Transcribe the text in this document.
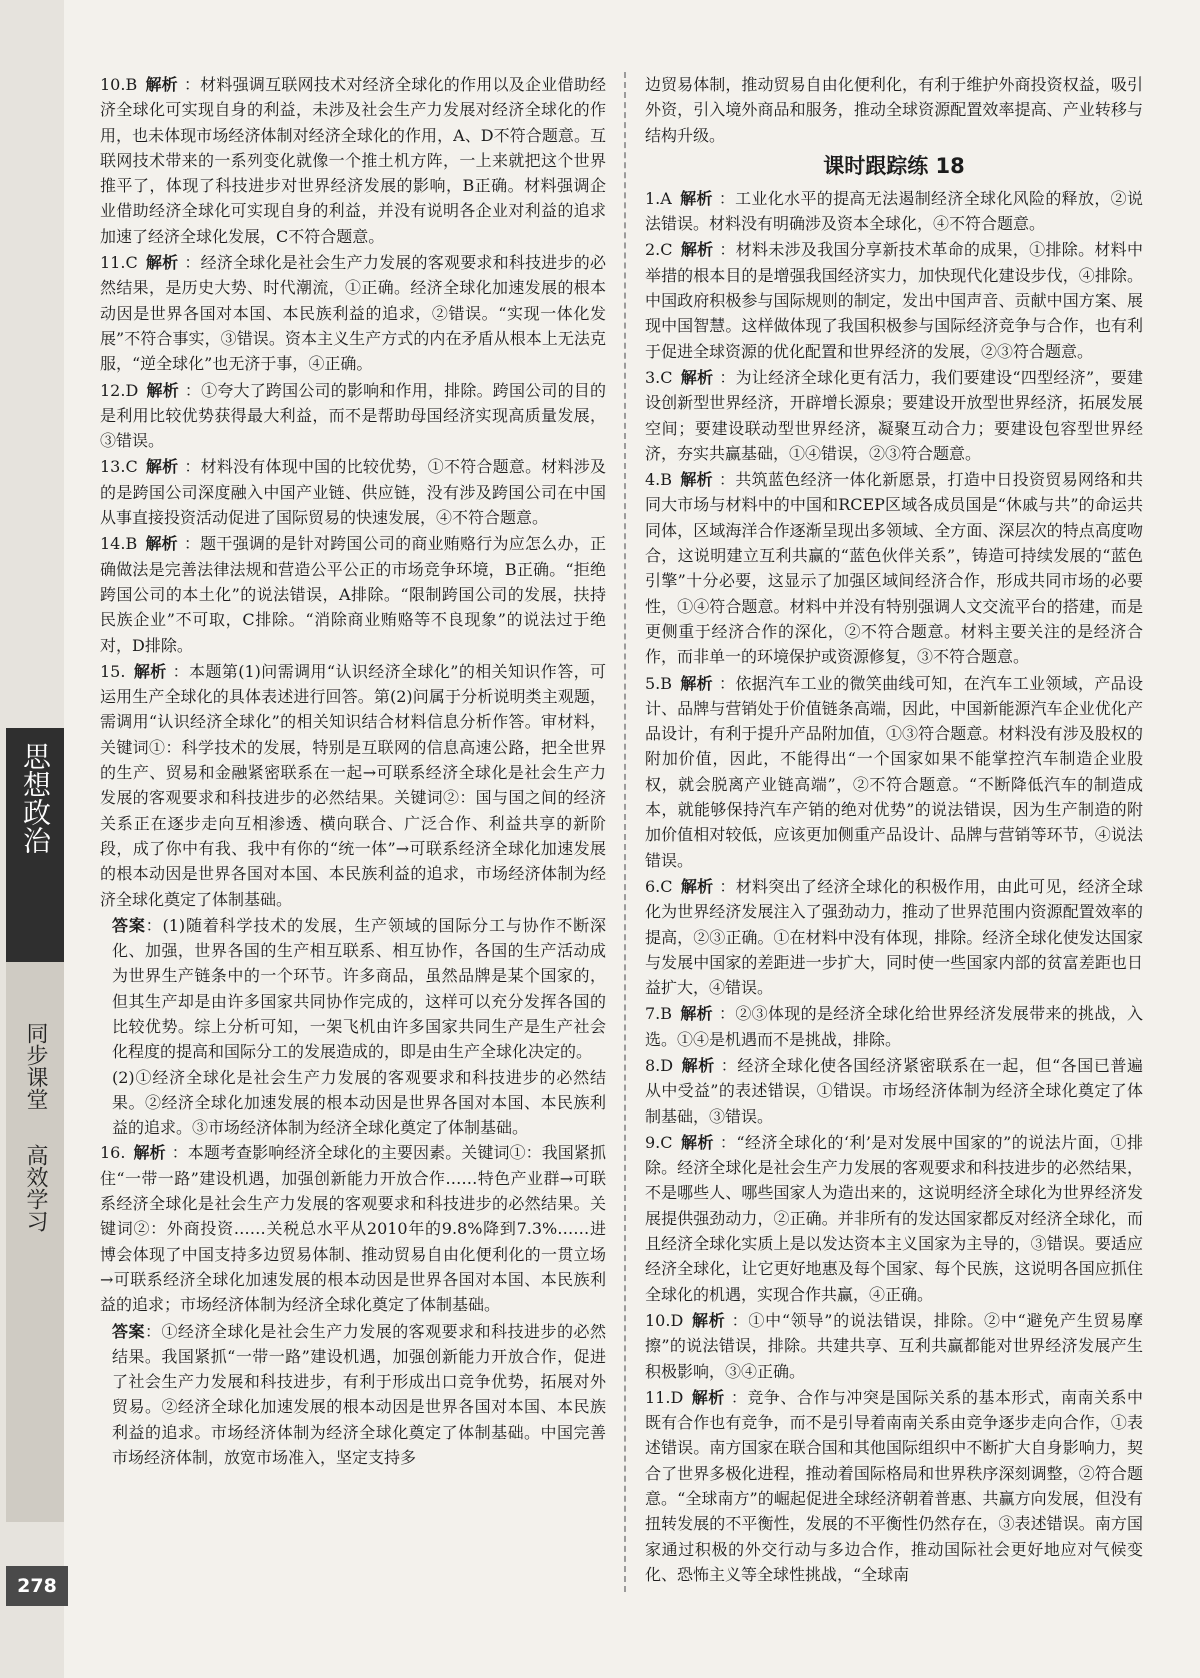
思想政治
同步课堂
高效学习
278
10.B 解析 ：材料强调互联网技术对经济全球化的作用以及企业借助经济全球化可实现自身的利益，未涉及社会生产力发展对经济全球化的作用，也未体现市场经济体制对经济全球化的作用，A、D不符合题意。互联网技术带来的一系列变化就像一个推土机方阵，一上来就把这个世界推平了，体现了科技进步对世界经济发展的影响，B正确。材料强调企业借助经济全球化可实现自身的利益，并没有说明各企业对利益的追求加速了经济全球化发展，C不符合题意。
11.C 解析 ：经济全球化是社会生产力发展的客观要求和科技进步的必然结果，是历史大势、时代潮流，①正确。经济全球化加速发展的根本动因是世界各国对本国、本民族利益的追求，②错误。“实现一体化发展”不符合事实，③错误。资本主义生产方式的内在矛盾从根本上无法克服，“逆全球化”也无济于事，④正确。
12.D 解析 ：①夸大了跨国公司的影响和作用，排除。跨国公司的目的是利用比较优势获得最大利益，而不是帮助母国经济实现高质量发展，③错误。
13.C 解析 ：材料没有体现中国的比较优势，①不符合题意。材料涉及的是跨国公司深度融入中国产业链、供应链，没有涉及跨国公司在中国从事直接投资活动促进了国际贸易的快速发展，④不符合题意。
14.B 解析 ：题干强调的是针对跨国公司的商业贿赂行为应怎么办，正确做法是完善法律法规和营造公平公正的市场竞争环境，B正确。“拒绝跨国公司的本土化”的说法错误，A排除。“限制跨国公司的发展，扶持民族企业”不可取，C排除。“消除商业贿赂等不良现象”的说法过于绝对，D排除。
15. 解析 ：本题第(1)问需调用“认识经济全球化”的相关知识作答，可运用生产全球化的具体表述进行回答。第(2)问属于分析说明类主观题，需调用“认识经济全球化”的相关知识结合材料信息分析作答。审材料，关键词①：科学技术的发展，特别是互联网的信息高速公路，把全世界的生产、贸易和金融紧密联系在一起→可联系经济全球化是社会生产力发展的客观要求和科技进步的必然结果。关键词②：国与国之间的经济关系正在逐步走向互相渗透、横向联合、广泛合作、利益共享的新阶段，成了你中有我、我中有你的“统一体”→可联系经济全球化加速发展的根本动因是世界各国对本国、本民族利益的追求，市场经济体制为经济全球化奠定了体制基础。
答案：(1)随着科学技术的发展，生产领域的国际分工与协作不断深化、加强，世界各国的生产相互联系、相互协作，各国的生产活动成为世界生产链条中的一个环节。许多商品，虽然品牌是某个国家的，但其生产却是由许多国家共同协作完成的，这样可以充分发挥各国的比较优势。综上分析可知，一架飞机由许多国家共同生产是生产社会化程度的提高和国际分工的发展造成的，即是由生产全球化决定的。
(2)①经济全球化是社会生产力发展的客观要求和科技进步的必然结果。②经济全球化加速发展的根本动因是世界各国对本国、本民族利益的追求。③市场经济体制为经济全球化奠定了体制基础。
16. 解析 ：本题考查影响经济全球化的主要因素。关键词①：我国紧抓住“一带一路”建设机遇，加强创新能力开放合作……特色产业群→可联系经济全球化是社会生产力发展的客观要求和科技进步的必然结果。关键词②：外商投资……关税总水平从2010年的9.8%降到7.3%……进博会体现了中国支持多边贸易体制、推动贸易自由化便利化的一贯立场→可联系经济全球化加速发展的根本动因是世界各国对本国、本民族利益的追求；市场经济体制为经济全球化奠定了体制基础。
答案：①经济全球化是社会生产力发展的客观要求和科技进步的必然结果。我国紧抓“一带一路”建设机遇，加强创新能力开放合作，促进了社会生产力发展和科技进步，有利于形成出口竞争优势，拓展对外贸易。②经济全球化加速发展的根本动因是世界各国对本国、本民族利益的追求。市场经济体制为经济全球化奠定了体制基础。中国完善市场经济体制，放宽市场准入，坚定支持多
边贸易体制，推动贸易自由化便利化，有利于维护外商投资权益，吸引外资，引入境外商品和服务，推动全球资源配置效率提高、产业转移与结构升级。
课时跟踪练 18
1.A 解析 ：工业化水平的提高无法遏制经济全球化风险的释放，②说法错误。材料没有明确涉及资本全球化，④不符合题意。
2.C 解析 ：材料未涉及我国分享新技术革命的成果，①排除。材料中举措的根本目的是增强我国经济实力，加快现代化建设步伐，④排除。中国政府积极参与国际规则的制定，发出中国声音、贡献中国方案、展现中国智慧。这样做体现了我国积极参与国际经济竞争与合作，也有利于促进全球资源的优化配置和世界经济的发展，②③符合题意。
3.C 解析 ：为让经济全球化更有活力，我们要建设“四型经济”，要建设创新型世界经济，开辟增长源泉；要建设开放型世界经济，拓展发展空间；要建设联动型世界经济，凝聚互动合力；要建设包容型世界经济，夯实共赢基础，①④错误，②③符合题意。
4.B 解析 ：共筑蓝色经济一体化新愿景，打造中日投资贸易网络和共同大市场与材料中的中国和RCEP区域各成员国是“休戚与共”的命运共同体，区域海洋合作逐渐呈现出多领域、全方面、深层次的特点高度吻合，这说明建立互利共赢的“蓝色伙伴关系”，铸造可持续发展的“蓝色引擎”十分必要，这显示了加强区域间经济合作，形成共同市场的必要性，①④符合题意。材料中并没有特别强调人文交流平台的搭建，而是更侧重于经济合作的深化，②不符合题意。材料主要关注的是经济合作，而非单一的环境保护或资源修复，③不符合题意。
5.B 解析 ：依据汽车工业的微笑曲线可知，在汽车工业领域，产品设计、品牌与营销处于价值链条高端，因此，中国新能源汽车企业优化产品设计，有利于提升产品附加值，①③符合题意。材料没有涉及股权的附加价值，因此，不能得出“一个国家如果不能掌控汽车制造企业股权，就会脱离产业链高端”，②不符合题意。“不断降低汽车的制造成本，就能够保持汽车产销的绝对优势”的说法错误，因为生产制造的附加价值相对较低，应该更加侧重产品设计、品牌与营销等环节，④说法错误。
6.C 解析 ：材料突出了经济全球化的积极作用，由此可见，经济全球化为世界经济发展注入了强劲动力，推动了世界范围内资源配置效率的提高，②③正确。①在材料中没有体现，排除。经济全球化使发达国家与发展中国家的差距进一步扩大，同时使一些国家内部的贫富差距也日益扩大，④错误。
7.B 解析 ：②③体现的是经济全球化给世界经济发展带来的挑战，入选。①④是机遇而不是挑战，排除。
8.D 解析 ：经济全球化使各国经济紧密联系在一起，但“各国已普遍从中受益”的表述错误，①错误。市场经济体制为经济全球化奠定了体制基础，③错误。
9.C 解析 ：“经济全球化的‘利’是对发展中国家的”的说法片面，①排除。经济全球化是社会生产力发展的客观要求和科技进步的必然结果，不是哪些人、哪些国家人为造出来的，这说明经济全球化为世界经济发展提供强劲动力，②正确。并非所有的发达国家都反对经济全球化，而且经济全球化实质上是以发达资本主义国家为主导的，③错误。要适应经济全球化，让它更好地惠及每个国家、每个民族，这说明各国应抓住全球化的机遇，实现合作共赢，④正确。
10.D 解析 ：①中“领导”的说法错误，排除。②中“避免产生贸易摩擦”的说法错误，排除。共建共享、互利共赢都能对世界经济发展产生积极影响，③④正确。
11.D 解析 ：竞争、合作与冲突是国际关系的基本形式，南南关系中既有合作也有竞争，而不是引导着南南关系由竞争逐步走向合作，①表述错误。南方国家在联合国和其他国际组织中不断扩大自身影响力，契合了世界多极化进程，推动着国际格局和世界秩序深刻调整，②符合题意。“全球南方”的崛起促进全球经济朝着普惠、共赢方向发展，但没有扭转发展的不平衡性，发展的不平衡性仍然存在，③表述错误。南方国家通过积极的外交行动与多边合作，推动国际社会更好地应对气候变化、恐怖主义等全球性挑战，“全球南
